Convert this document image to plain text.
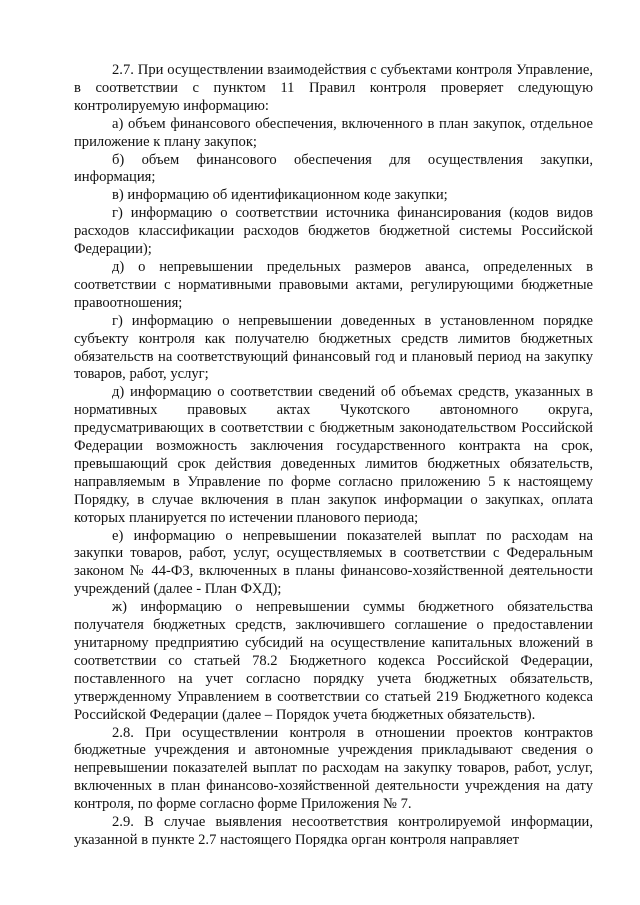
2.7. При осуществлении взаимодействия с субъектами контроля Управление, в соответствии с пунктом 11 Правил контроля проверяет следующую контролируемую информацию:

а) объем финансового обеспечения, включенного в план закупок, отдельное приложение к плану закупок;

б) объем финансового обеспечения для осуществления закупки, информация;

в) информацию об идентификационном коде закупки;

г) информацию о соответствии источника финансирования (кодов видов расходов классификации расходов бюджетов бюджетной системы Российской Федерации);

д) о непревышении предельных размеров аванса, определенных в соответствии с нормативными правовыми актами, регулирующими бюджетные правоотношения;

г) информацию о непревышении доведенных в установленном порядке субъекту контроля как получателю бюджетных средств лимитов бюджетных обязательств на соответствующий финансовый год и плановый период на закупку товаров, работ, услуг;

д) информацию о соответствии сведений об объемах средств, указанных в нормативных правовых актах Чукотского автономного округа, предусматривающих в соответствии с бюджетным законодательством Российской Федерации возможность заключения государственного контракта на срок, превышающий срок действия доведенных лимитов бюджетных обязательств, направляемым в Управление по форме согласно приложению 5 к настоящему Порядку, в случае включения в план закупок информации о закупках, оплата которых планируется по истечении планового периода;

е) информацию о непревышении показателей выплат по расходам на закупки товаров, работ, услуг, осуществляемых в соответствии с Федеральным законом № 44-ФЗ, включенных в планы финансово-хозяйственной деятельности учреждений (далее - План ФХД);

ж) информацию о непревышении суммы бюджетного обязательства получателя бюджетных средств, заключившего соглашение о предоставлении унитарному предприятию субсидий на осуществление капитальных вложений в соответствии со статьей 78.2 Бюджетного кодекса Российской Федерации, поставленного на учет согласно порядку учета бюджетных обязательств, утвержденному Управлением в соответствии со статьей 219 Бюджетного кодекса Российской Федерации (далее – Порядок учета бюджетных обязательств).

2.8. При осуществлении контроля в отношении проектов контрактов бюджетные учреждения и автономные учреждения прикладывают сведения о непревышении показателей выплат по расходам на закупку товаров, работ, услуг, включенных в план финансово-хозяйственной деятельности учреждения на дату контроля, по форме согласно форме Приложения № 7.

2.9. В случае выявления несоответствия контролируемой информации, указанной в пункте 2.7 настоящего Порядка орган контроля направляет
